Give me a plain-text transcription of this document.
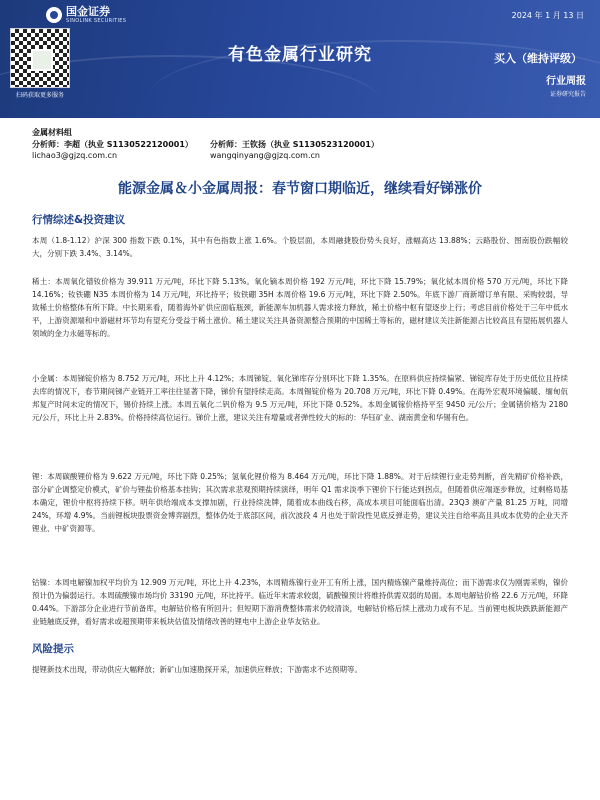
国金证券
SINOLINK SECURITIES
扫码获取更多服务
2024 年 1 月 13 日
有色金属行业研究	买入（维持评级）
行业周报
证券研究报告
金属材料组
分析师：李超（执业 S1130522120001）
lichao3@gjzq.com.cn
分析师：王钦扬（执业 S1130523120001）
wangqinyang@gjzq.com.cn
能源金属＆小金属周报：春节窗口期临近，继续看好锑涨价
行情综述&投资建议

本周（1.8-1.12）沪深 300 指数下跌 0.1%，其中有色指数上涨 1.6%。个股层面，本周融捷股份势头良好，涨幅高达 13.88%；云路股份、图南股份跌幅较大，分别下跌 3.4%、3.14%。

稀土：本周氧化镨钕价格为 39.911 万元/吨，环比下降 5.13%。氧化镝本周价格 192 万元/吨，环比下降 15.79%；氧化铽本周价格 570 万元/吨，环比下降 14.16%；钕铁硼 N35 本周价格为 14 万元/吨，环比持平；钕铁硼 35H 本周价格 19.6 万元/吨，环比下降 2.50%。年底下游厂商新增订单有限、采购较弱，导致稀土价格整体有所下降。中长期来看，随着海外矿供应面临瓶颈，新能源车加机器人需求接力释放，稀土价格中枢有望逐步上行；考虑目前价格处于三年中低水平，上游资源端和中游磁材环节均有望充分受益于稀土涨价。稀土建议关注具备资源整合预期的中国稀土等标的，磁材建议关注新能源占比较高且有望拓展机器人领域的金力永磁等标的。

小金属：本周锑锭价格为 8.752 万元/吨，环比上升 4.12%；本周锑锭、氧化锑库存分别环比下降 1.35%。在原料供应持续偏紧、锑锭库存处于历史低位且持续去库的情况下，春节期间锑产业链开工率往往显著下降，锑价有望持续走高。本周锡锭价格为 20.708 万元/吨，环比下降 0.49%。在海外宏观环境偏暖、缅甸佤邦复产时间未定的情况下，锡价持续上涨。本周五氧化二钒价格为 9.5 万元/吨，环比下降 0.52%。本周金属镓价格持平至 9450 元/公斤；金属锗价格为 2180 元/公斤，环比上升 2.83%。价格持续高位运行。锑价上涨，建议关注有增量或者弹性较大的标的：华钰矿业、湖南黄金和华锡有色。

锂：本周碳酸锂价格为 9.622 万元/吨，环比下降 0.25%；氢氧化锂价格为 8.464 万元/吨，环比下降 1.88%。对于后续锂行业走势判断，首先精矿价格补跌，部分矿企调整定价模式，矿价与锂盐价格基本挂钩；其次需求悲观预期持续演绎，明年 Q1 需求淡季下锂价下行能达到拐点，但随着供应端逐步释放，过剩格局基本确定，锂价中枢将持续下移。明年供给端成本支撑加剧，行业持续洗牌，随着成本曲线右移，高成本项目可能面临出清。23Q3 澳矿产量 81.25 万吨，同增 24%，环增 4.9%。当前锂板块股票资金博弈剧烈，整体仍处于底部区间，前次波段 4 月也处于阶段性见底反弹走势，建议关注自给率高且具成本优势的企业天齐锂业、中矿资源等。

钴镍：本周电解镍加权平均价为 12.909 万元/吨，环比上升 4.23%，本周精炼镍行业开工有所上涨，国内精炼镍产量维持高位；而下游需求仅为刚需采购，镍价预计仍为偏弱运行。本周硫酸镍市场均价 33190 元/吨，环比持平。临近年末需求较弱，硫酸镍预计将维持供需双弱的局面。本周电解钴价格 22.6 万元/吨，环降 0.44%。下游部分企业进行节前备库，电解钴价格有所回升；但短期下游消费整体需求仍较清淡，电解钴价格后续上涨动力或有不足。当前锂电板块跌跌新能源产业链触底反弹，看好需求或超预期带来板块估值及情绪改善的锂电中上游企业华友钴业。

风险提示

提锂新技术出现，带动供应大幅释放；新矿山加速勘探开采，加速供应释放；下游需求不达预期等。
